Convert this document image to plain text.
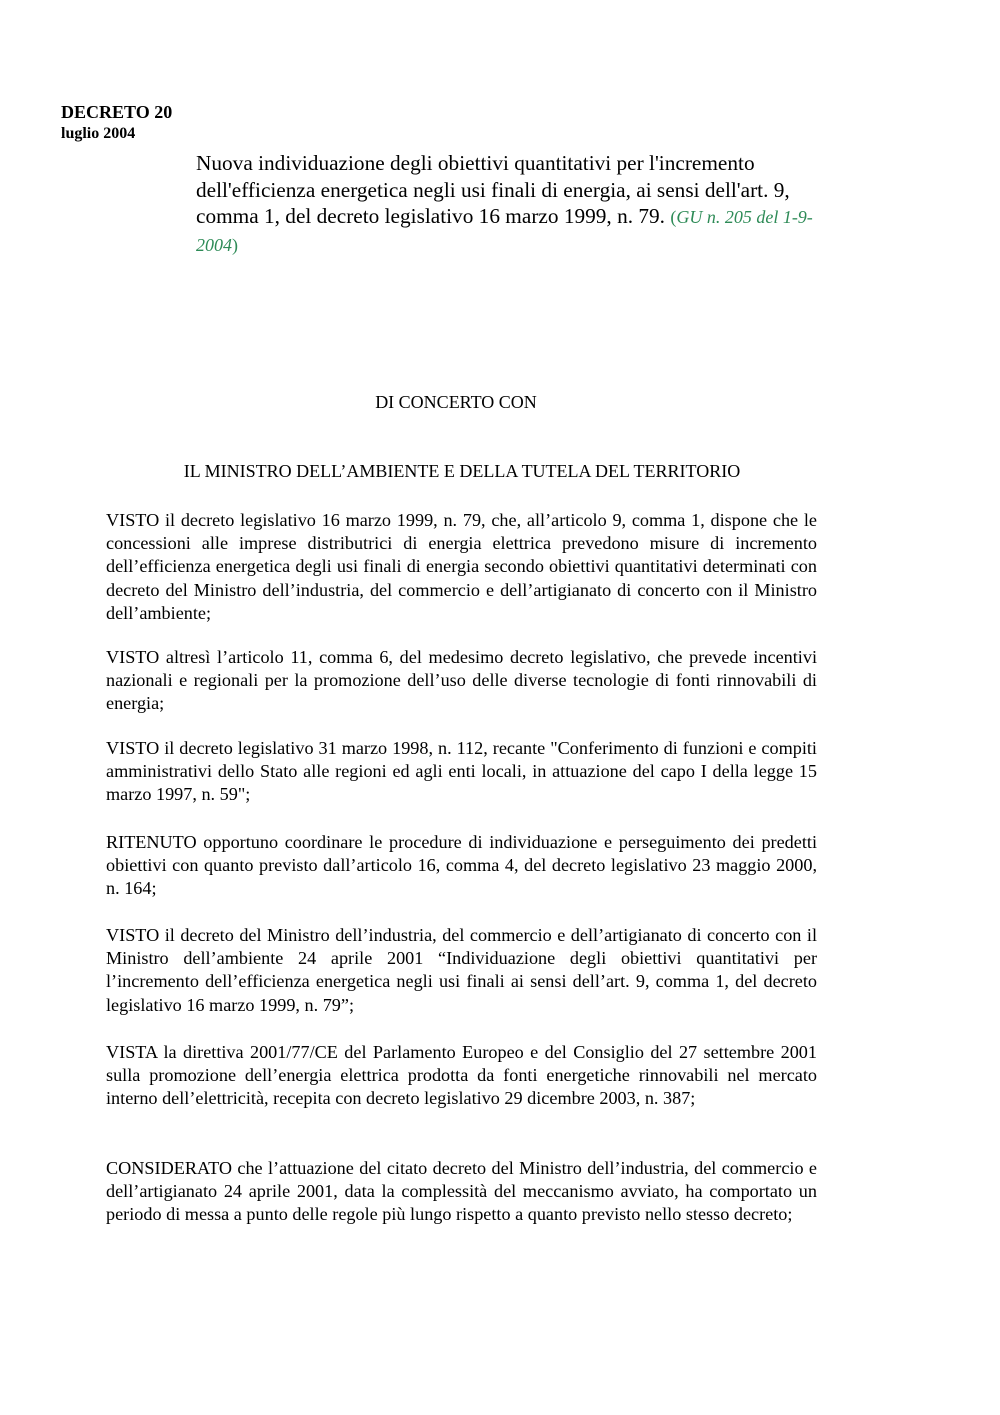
DECRETO 20
luglio 2004
Nuova individuazione degli obiettivi quantitativi per l'incremento dell'efficienza energetica negli usi finali di energia, ai sensi dell'art. 9, comma 1, del decreto legislativo 16 marzo 1999, n. 79. (GU n. 205 del 1-9-2004)
DI CONCERTO CON
IL MINISTRO DELL’AMBIENTE E DELLA TUTELA DEL TERRITORIO

VISTO il decreto legislativo 16 marzo 1999, n. 79, che, all’articolo 9, comma 1, dispone che le concessioni alle imprese distributrici di energia elettrica prevedono misure di incremento dell’efficienza energetica degli usi finali di energia secondo obiettivi quantitativi determinati con decreto del Ministro dell’industria, del commercio e dell’artigianato di concerto con il Ministro dell’ambiente;

VISTO altresì l’articolo 11, comma 6, del medesimo decreto legislativo, che prevede incentivi nazionali e regionali per la promozione dell’uso delle diverse tecnologie di fonti rinnovabili di energia;

VISTO il decreto legislativo 31 marzo 1998, n. 112, recante "Conferimento di funzioni e compiti amministrativi dello Stato alle regioni ed agli enti locali, in attuazione del capo I della legge 15 marzo 1997, n. 59";

RITENUTO opportuno coordinare le procedure di individuazione e perseguimento dei predetti obiettivi con quanto previsto dall’articolo 16, comma 4, del decreto legislativo 23 maggio 2000, n. 164;

VISTO il decreto del Ministro dell’industria, del commercio e dell’artigianato di concerto con il Ministro dell’ambiente 24 aprile 2001 “Individuazione degli obiettivi quantitativi per l’incremento dell’efficienza energetica negli usi finali ai sensi dell’art. 9, comma 1, del decreto legislativo 16 marzo 1999, n. 79”;

VISTA la direttiva 2001/77/CE del Parlamento Europeo e del Consiglio del 27 settembre 2001 sulla promozione dell’energia elettrica prodotta da fonti energetiche rinnovabili nel mercato interno dell’elettricità, recepita con decreto legislativo 29 dicembre 2003, n. 387;

CONSIDERATO che l’attuazione del citato decreto del Ministro dell’industria, del commercio e dell’artigianato 24 aprile 2001, data la complessità del meccanismo avviato, ha comportato un periodo di messa a punto delle regole più lungo rispetto a quanto previsto nello stesso decreto;
